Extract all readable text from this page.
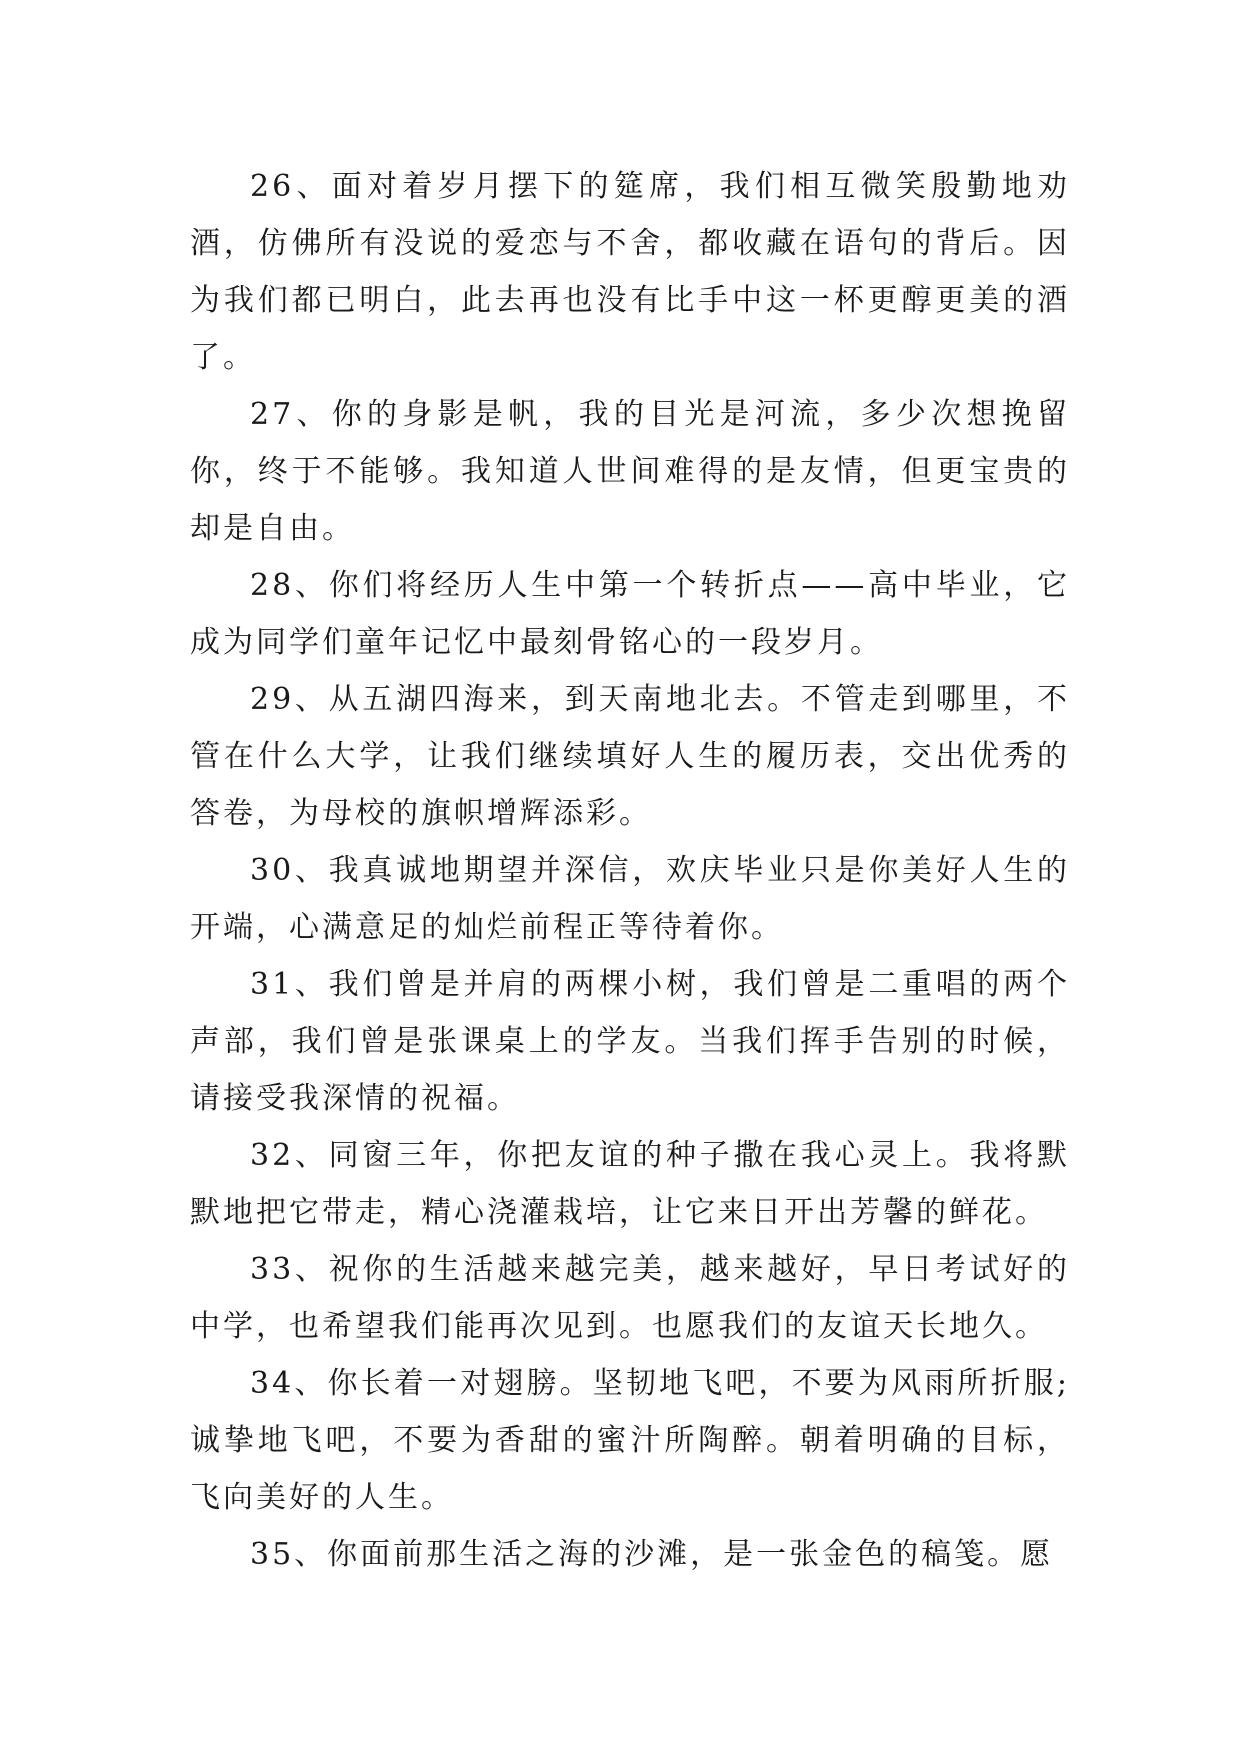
26、面对着岁月摆下的筵席，我们相互微笑殷勤地劝酒，仿佛所有没说的爱恋与不舍，都收藏在语句的背后。因为我们都已明白，此去再也没有比手中这一杯更醇更美的酒了。

27、你的身影是帆，我的目光是河流，多少次想挽留你，终于不能够。我知道人世间难得的是友情，但更宝贵的却是自由。

28、你们将经历人生中第一个转折点——高中毕业，它成为同学们童年记忆中最刻骨铭心的一段岁月。

29、从五湖四海来，到天南地北去。不管走到哪里，不管在什么大学，让我们继续填好人生的履历表，交出优秀的答卷，为母校的旗帜增辉添彩。

30、我真诚地期望并深信，欢庆毕业只是你美好人生的开端，心满意足的灿烂前程正等待着你。

31、我们曾是并肩的两棵小树，我们曾是二重唱的两个声部，我们曾是张课桌上的学友。当我们挥手告别的时候，请接受我深情的祝福。

32、同窗三年，你把友谊的种子撒在我心灵上。我将默默地把它带走，精心浇灌栽培，让它来日开出芳馨的鲜花。

33、祝你的生活越来越完美，越来越好，早日考试好的中学，也希望我们能再次见到。也愿我们的友谊天长地久。

34、你长着一对翅膀。坚韧地飞吧，不要为风雨所折服;诚挚地飞吧，不要为香甜的蜜汁所陶醉。朝着明确的目标，飞向美好的人生。

35、你面前那生活之海的沙滩，是一张金色的稿笺。愿
